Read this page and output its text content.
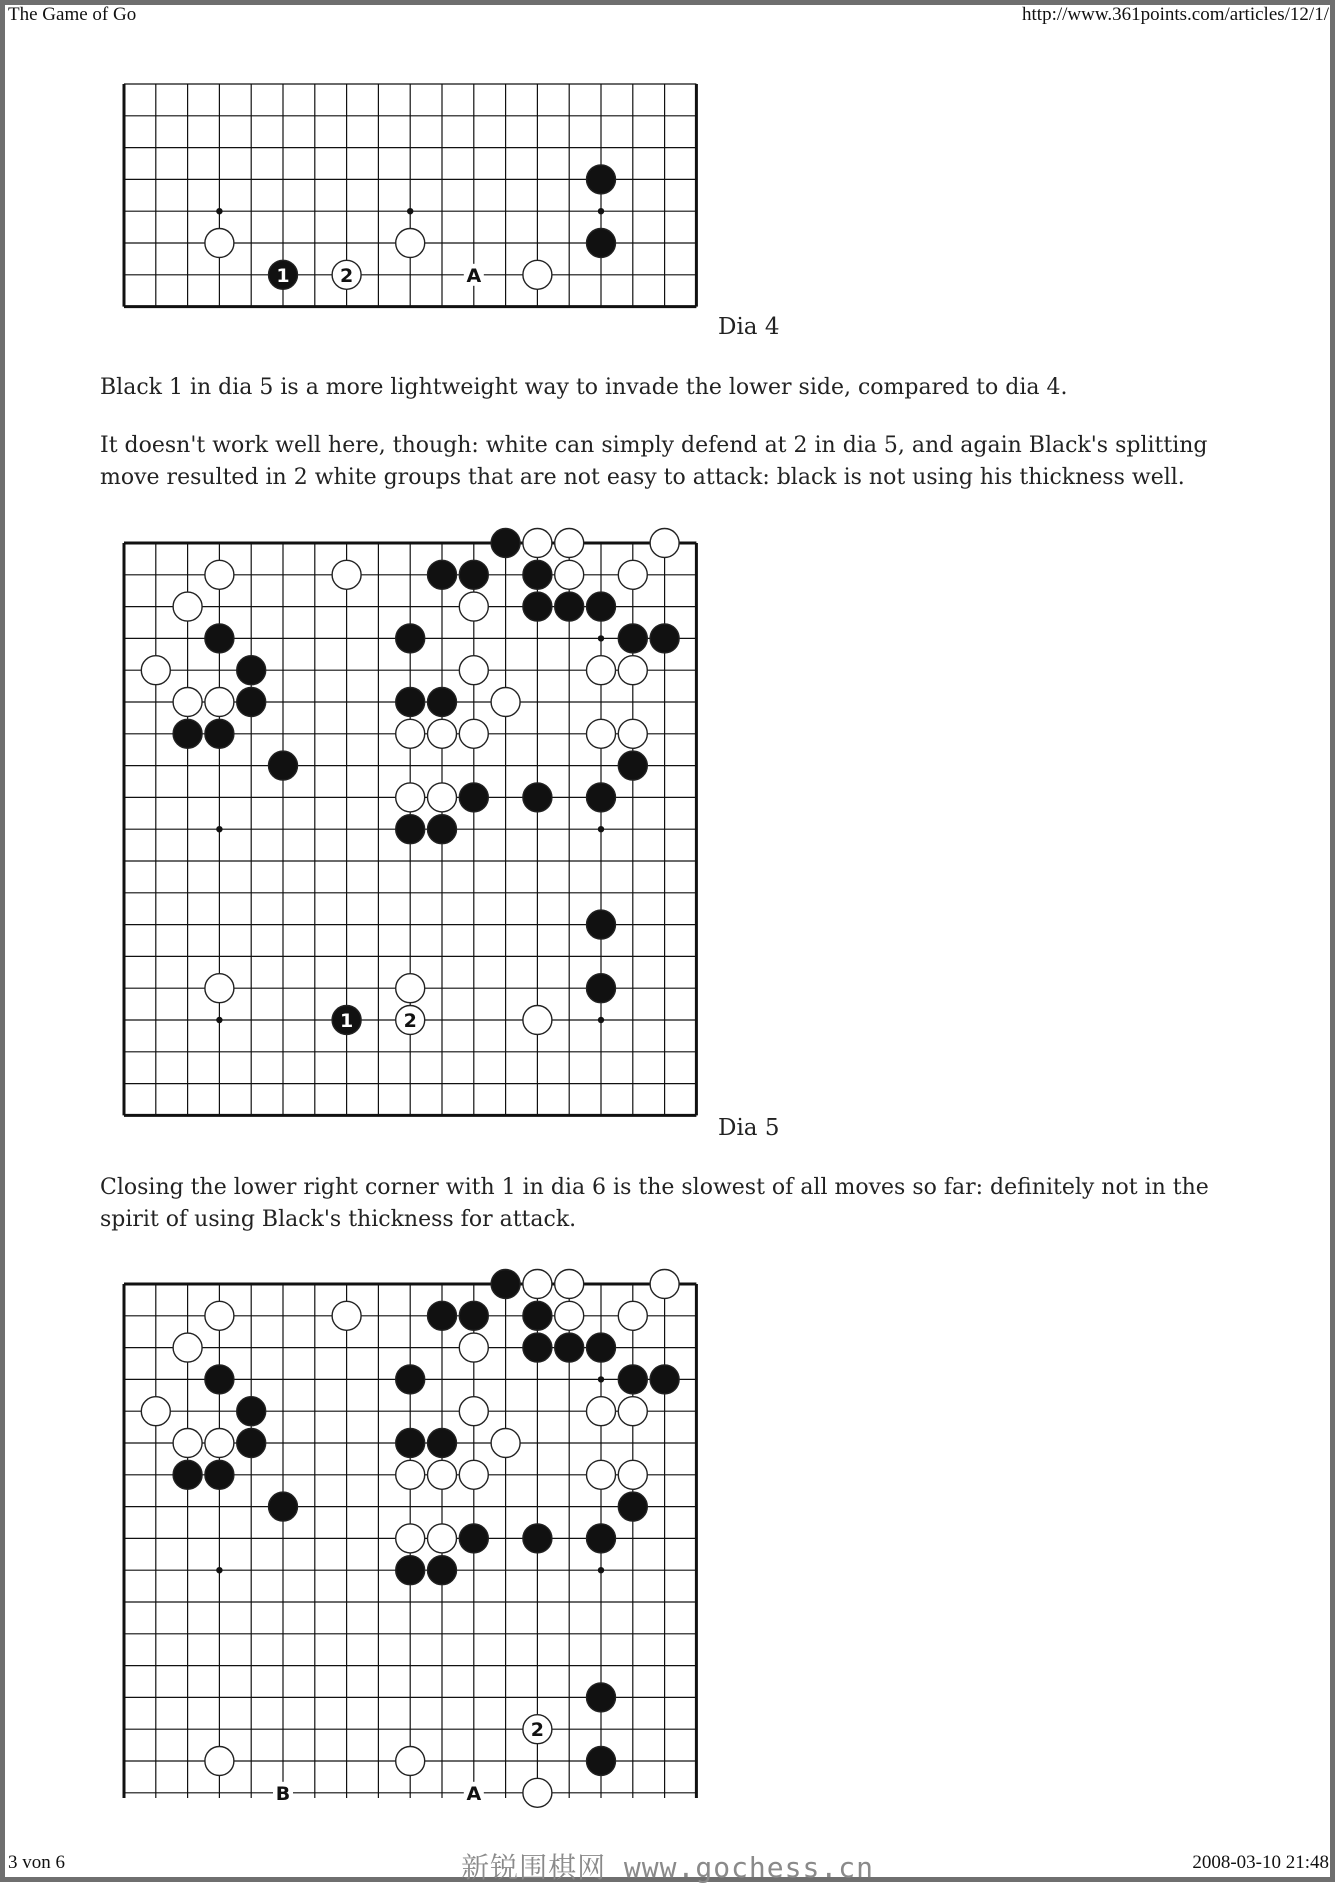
The Game of Go	http://www.361points.com/articles/12/1/
1	2	A
Dia 4

Black 1 in dia 5 is a more lightweight way to invade the lower side, compared to dia 4.

It doesn't work well here, though: white can simply defend at 2 in dia 5, and again Black's splitting move resulted in 2 white groups that are not easy to attack: black is not using his thickness well.

1	2
Dia 5

Closing the lower right corner with 1 in dia 6 is the slowest of all moves so far: definitely not in the spirit of using Black's thickness for attack.

2
B	A
3 von 6	新锐围棋网 www.gochess.cn	2008-03-10 21:48
